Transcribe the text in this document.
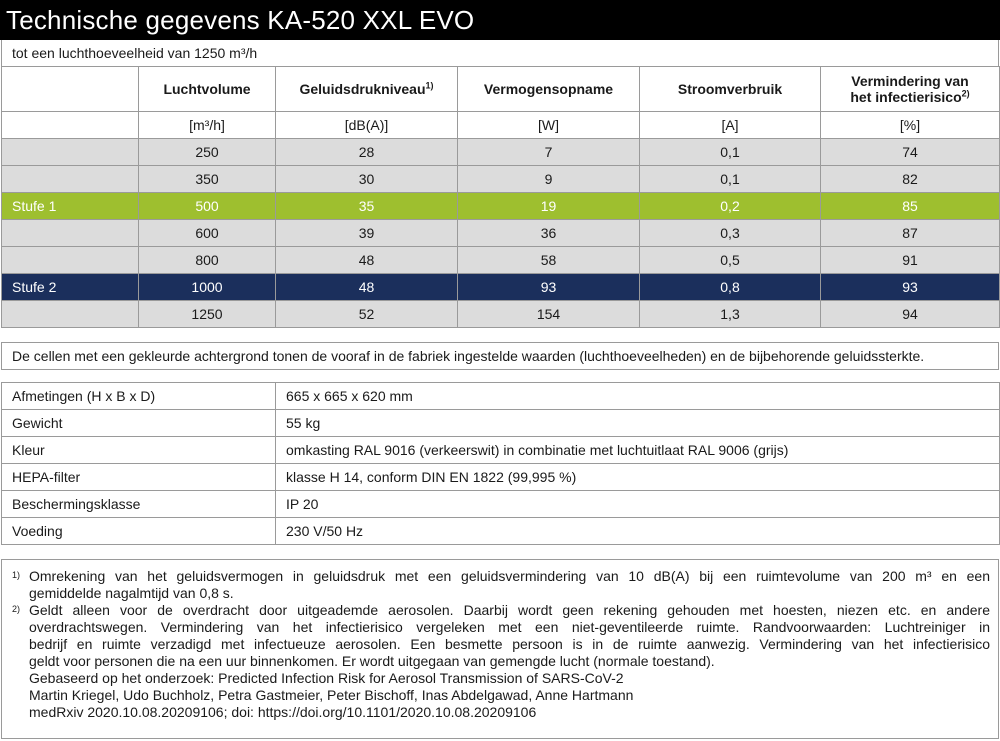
Technische gegevens KA-520 XXL EVO
tot een luchthoeveelheid van 1250 m³/h
	Luchtvolume	Geluidsdrukniveau$^{1)}$	Vermogensopname	Stroomverbruik	Vermindering van
het infectierisico$^{2)}$
	[m³/h]	[dB(A)]	[W]	[A]	[%]
	250	28	7	0,1	74
	350	30	9	0,1	82
Stufe 1	500	35	19	0,2	85
	600	39	36	0,3	87
	800	48	58	0,5	91
Stufe 2	1000	48	93	0,8	93
	1250	52	154	1,3	94
De cellen met een gekleurde achtergrond tonen de vooraf in de fabriek ingestelde waarden (luchthoeveelheden) en de bijbehorende geluidssterkte.
Afmetingen (H x B x D)	665 x 665 x 620 mm
Gewicht	55 kg
Kleur	omkasting RAL 9016 (verkeerswit) in combinatie met luchtuitlaat RAL 9006 (grijs)
HEPA-filter	klasse H 14, conform DIN EN 1822 (99,995 %)
Beschermingsklasse	IP 20
Voeding	230 V/50 Hz
1) Omrekening van het geluidsvermogen in geluidsdruk met een geluidsvermindering van 10 dB(A) bij een ruimtevolume van 200 m³ en een
gemiddelde nagalmtijd van 0,8 s.
2) Geldt alleen voor de overdracht door uitgeademde aerosolen. Daarbij wordt geen rekening gehouden met hoesten, niezen etc. en andere
overdrachtswegen. Vermindering van het infectierisico vergeleken met een niet-geventileerde ruimte. Randvoorwaarden: Luchtreiniger in
bedrijf en ruimte verzadigd met infectueuze aerosolen. Een besmette persoon is in de ruimte aanwezig. Vermindering van het infectierisico
geldt voor personen die na een uur binnenkomen. Er wordt uitgegaan van gemengde lucht (normale toestand).
Gebaseerd op het onderzoek: Predicted Infection Risk for Aerosol Transmission of SARS-CoV-2
Martin Kriegel, Udo Buchholz, Petra Gastmeier, Peter Bischoff, Inas Abdelgawad, Anne Hartmann
medRxiv 2020.10.08.20209106; doi: https://doi.org/10.1101/2020.10.08.20209106
